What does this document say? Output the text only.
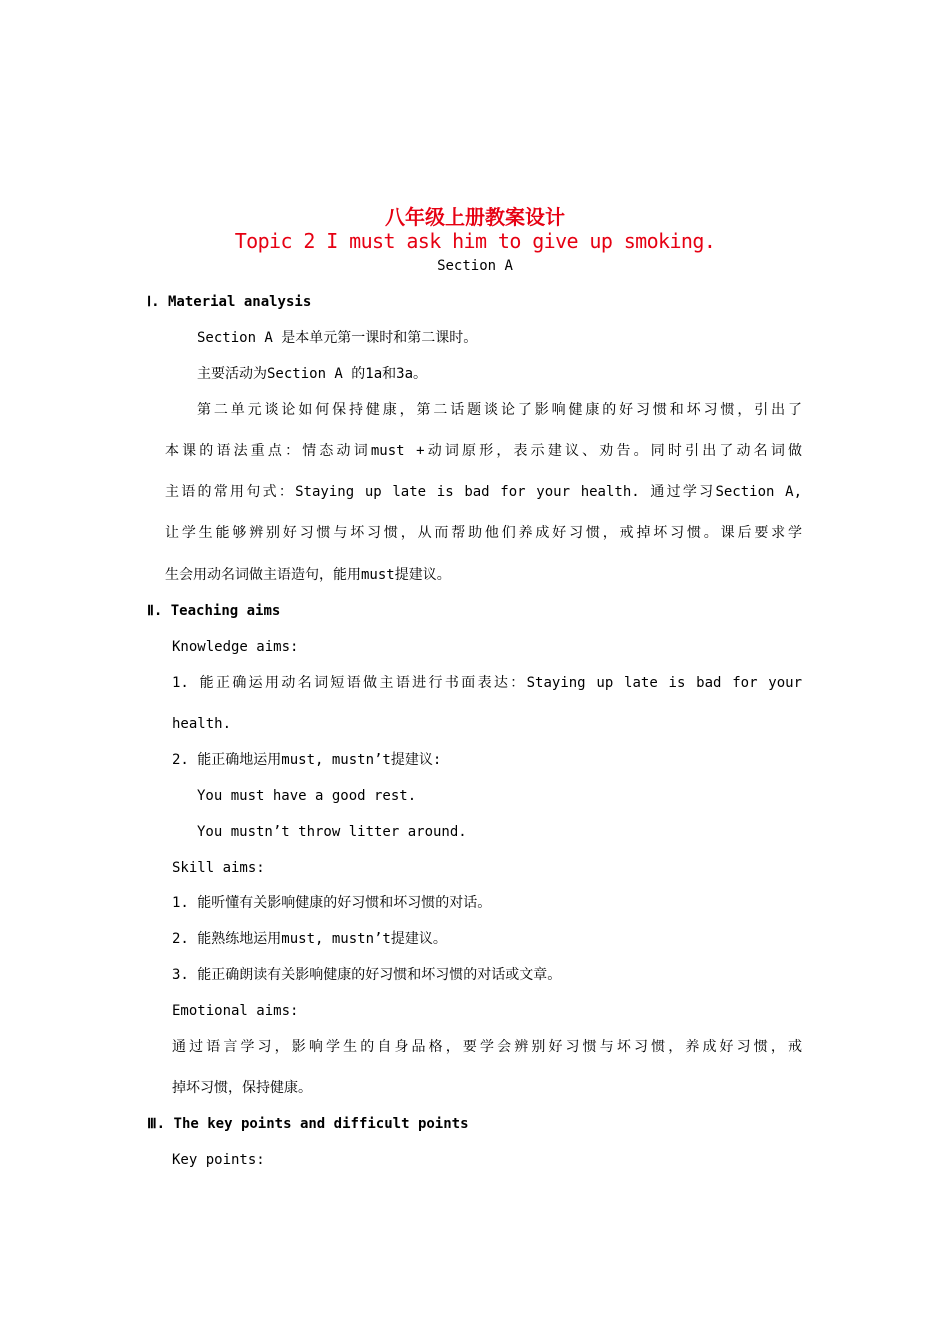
八年级上册教案设计
Topic 2 I must ask him to give up smoking.
Section A
Ⅰ. Material analysis
Section A 是本单元第一课时和第二课时。
主要活动为Section A 的1a和3a。
第二单元谈论如何保持健康，第二话题谈论了影响健康的好习惯和坏习惯，引出了
本课的语法重点：情态动词must +动词原形，表示建议、劝告。同时引出了动名词做
主语的常用句式：Staying up late is bad for your health. 通过学习Section A,
让学生能够辨别好习惯与坏习惯，从而帮助他们养成好习惯，戒掉坏习惯。课后要求学
生会用动名词做主语造句，能用must提建议。
Ⅱ. Teaching aims
Knowledge aims:
1. 能正确运用动名词短语做主语进行书面表达：Staying up late is bad for your
health.
2. 能正确地运用must, mustn’t提建议:
You must have a good rest.
You mustn’t throw litter around.
Skill aims:
1. 能听懂有关影响健康的好习惯和坏习惯的对话。
2. 能熟练地运用must, mustn’t提建议。
3. 能正确朗读有关影响健康的好习惯和坏习惯的对话或文章。
Emotional aims:
通过语言学习，影响学生的自身品格，要学会辨别好习惯与坏习惯，养成好习惯，戒
掉坏习惯，保持健康。
Ⅲ. The key points and difficult points
Key points:
